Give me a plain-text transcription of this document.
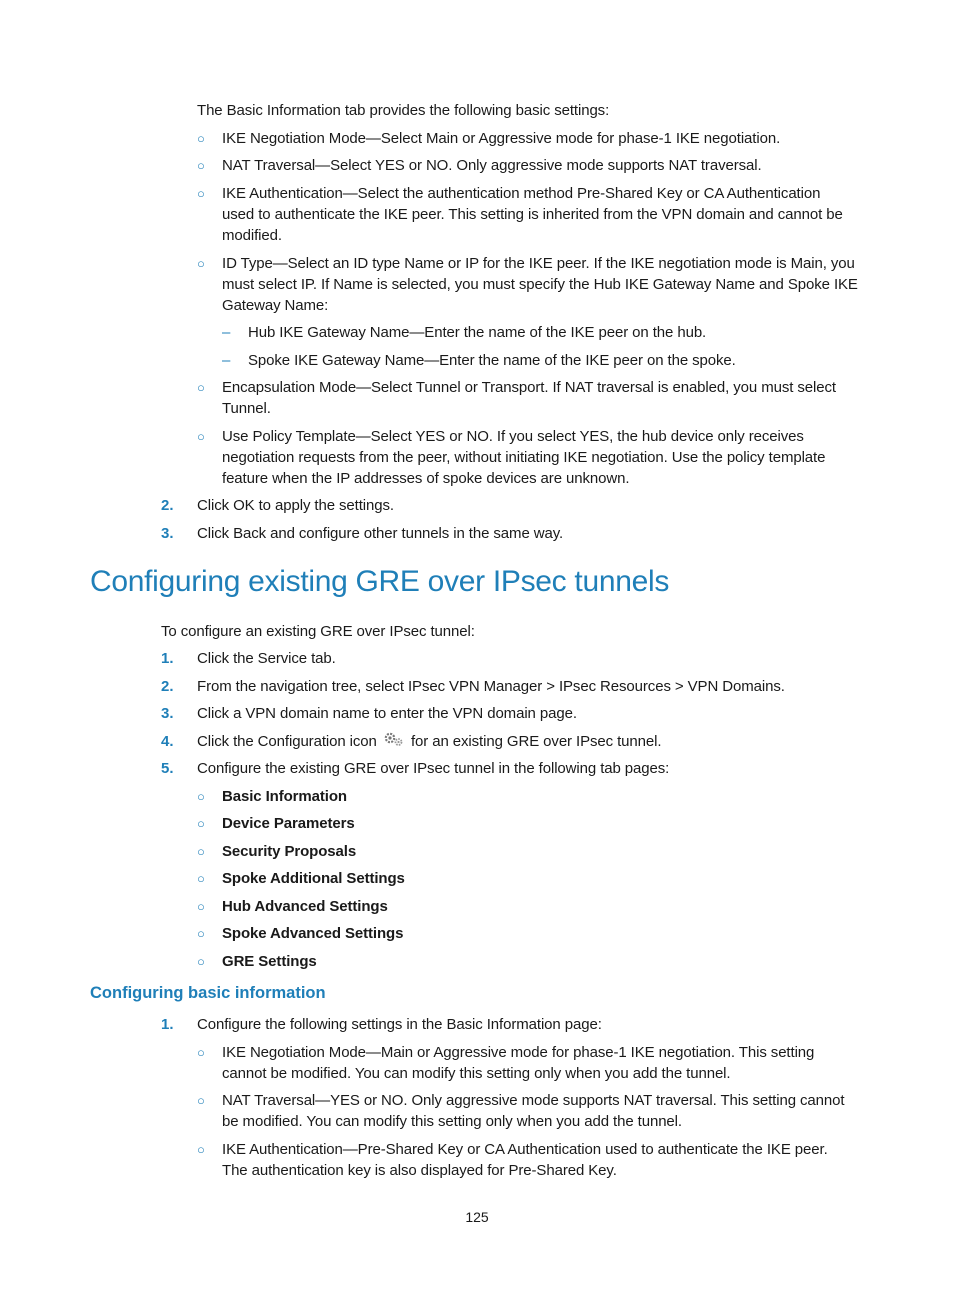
The Basic Information tab provides the following basic settings:
○ IKE Negotiation Mode—Select Main or Aggressive mode for phase-1 IKE negotiation.
○ NAT Traversal—Select YES or NO. Only aggressive mode supports NAT traversal.
○ IKE Authentication—Select the authentication method Pre-Shared Key or CA Authentication
used to authenticate the IKE peer. This setting is inherited from the VPN domain and cannot be
modified.
○ ID Type—Select an ID type Name or IP for the IKE peer. If the IKE negotiation mode is Main, you
must select IP. If Name is selected, you must specify the Hub IKE Gateway Name and Spoke IKE
Gateway Name:
– Hub IKE Gateway Name—Enter the name of the IKE peer on the hub.
– Spoke IKE Gateway Name—Enter the name of the IKE peer on the spoke.
○ Encapsulation Mode—Select Tunnel or Transport. If NAT traversal is enabled, you must select
Tunnel.
○ Use Policy Template—Select YES or NO. If you select YES, the hub device only receives
negotiation requests from the peer, without initiating IKE negotiation. Use the policy template
feature when the IP addresses of spoke devices are unknown.
2. Click OK to apply the settings.
3. Click Back and configure other tunnels in the same way.
Configuring existing GRE over IPsec tunnels
To configure an existing GRE over IPsec tunnel:
1. Click the Service tab.
2. From the navigation tree, select IPsec VPN Manager > IPsec Resources > VPN Domains.
3. Click a VPN domain name to enter the VPN domain page.
4. Click the Configuration icon for an existing GRE over IPsec tunnel.
5. Configure the existing GRE over IPsec tunnel in the following tab pages:
○ Basic Information
○ Device Parameters
○ Security Proposals
○ Spoke Additional Settings
○ Hub Advanced Settings
○ Spoke Advanced Settings
○ GRE Settings
Configuring basic information
1. Configure the following settings in the Basic Information page:
○ IKE Negotiation Mode—Main or Aggressive mode for phase-1 IKE negotiation. This setting
cannot be modified. You can modify this setting only when you add the tunnel.
○ NAT Traversal—YES or NO. Only aggressive mode supports NAT traversal. This setting cannot
be modified. You can modify this setting only when you add the tunnel.
○ IKE Authentication—Pre-Shared Key or CA Authentication used to authenticate the IKE peer.
The authentication key is also displayed for Pre-Shared Key.
125
